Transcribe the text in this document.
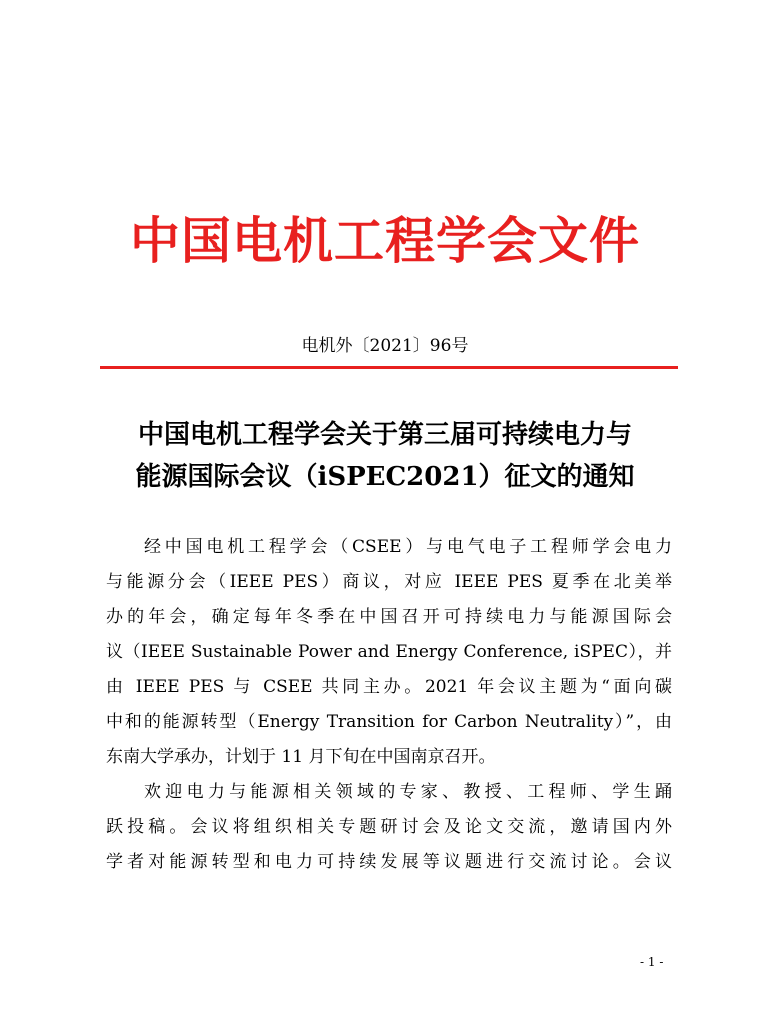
中国电机工程学会文件
电机外〔2021〕96号
中国电机工程学会关于第三届可持续电力与
能源国际会议（iSPEC2021）征文的通知
经中国电机工程学会（CSEE）与电气电子工程师学会电力
与能源分会（IEEE PES）商议，对应 IEEE PES 夏季在北美举
办的年会，确定每年冬季在中国召开可持续电力与能源国际会
议（IEEE Sustainable Power and Energy Conference, iSPEC），并
由 IEEE PES 与 CSEE 共同主办。2021 年会议主题为“面向碳
中和的能源转型（Energy Transition for Carbon Neutrality）”，由
东南大学承办，计划于 11 月下旬在中国南京召开。
欢迎电力与能源相关领域的专家、教授、工程师、学生踊
跃投稿。会议将组织相关专题研讨会及论文交流，邀请国内外
学者对能源转型和电力可持续发展等议题进行交流讨论。会议
- 1 -
